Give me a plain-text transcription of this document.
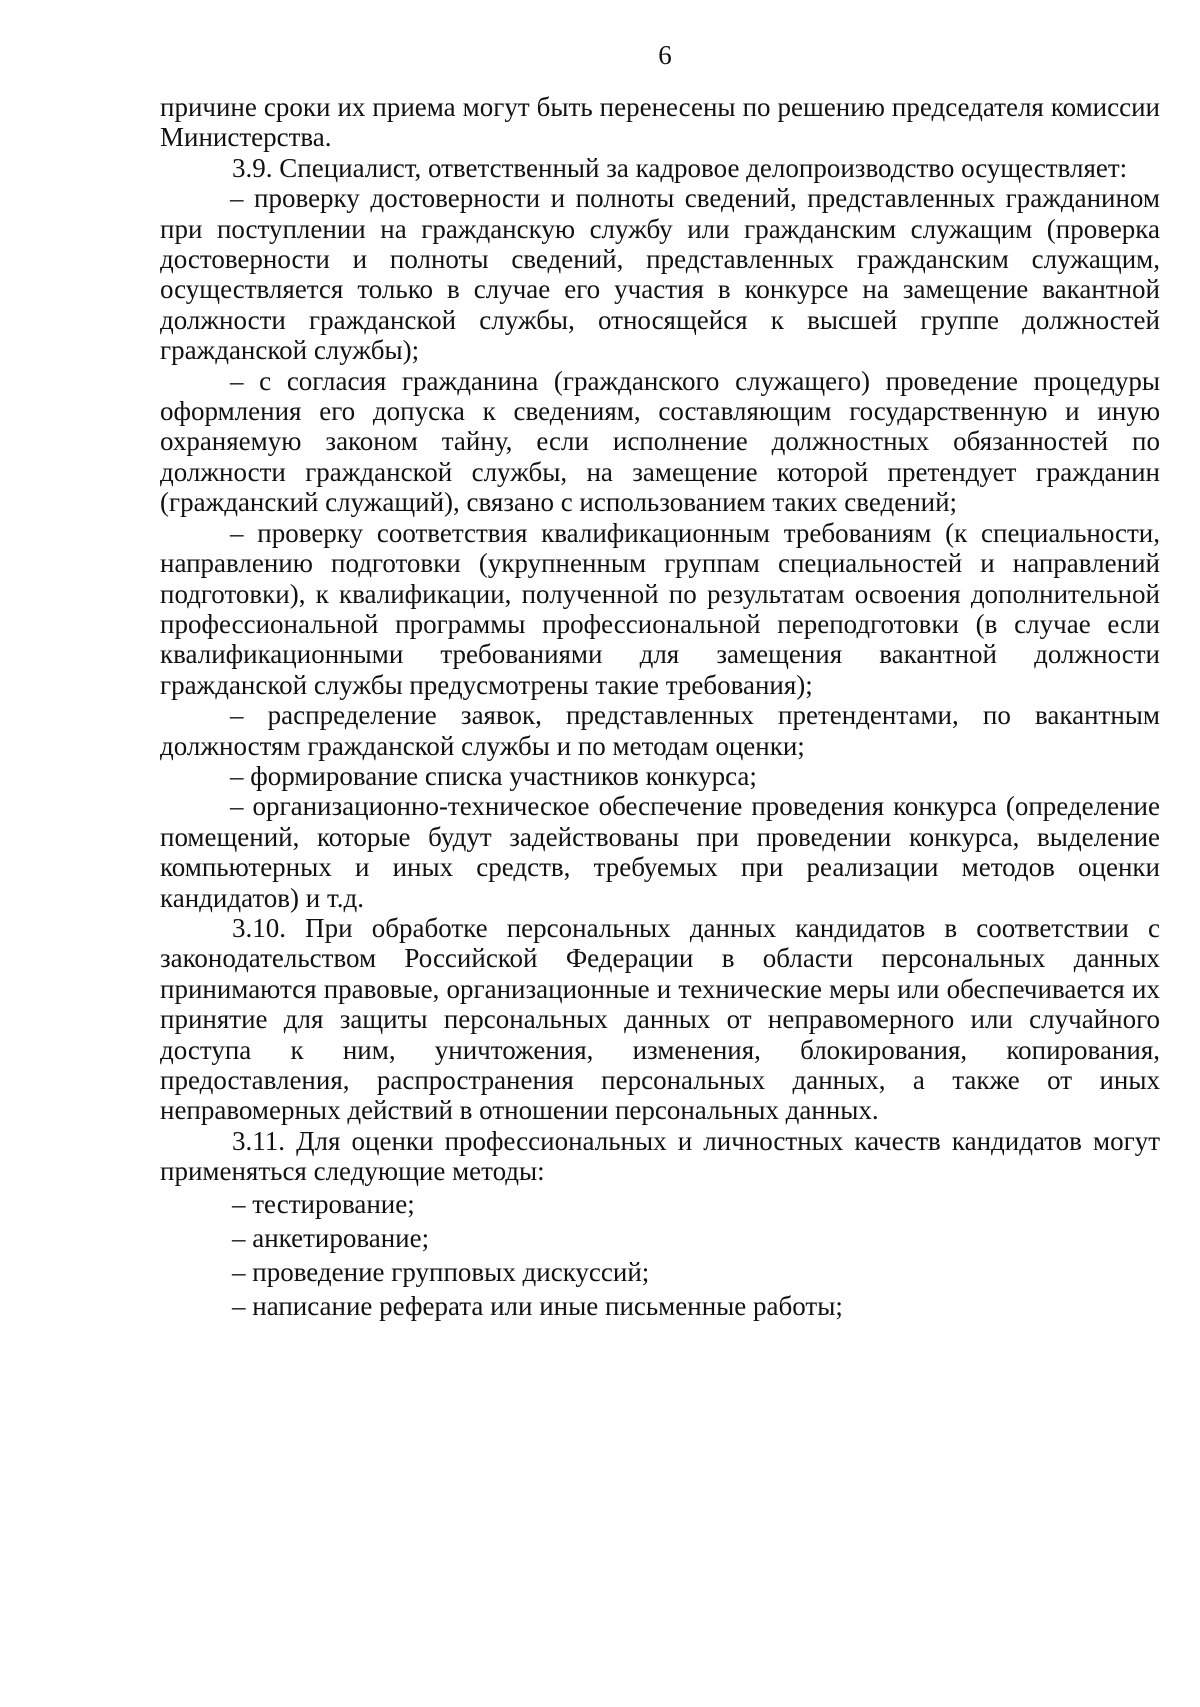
6

причине сроки их приема могут быть перенесены по решению председателя комиссии Министерства.

3.9. Специалист, ответственный за кадровое делопроизводство осуществляет:

– проверку достоверности и полноты сведений, представленных гражданином при поступлении на гражданскую службу или гражданским служащим (проверка достоверности и полноты сведений, представленных гражданским служащим, осуществляется только в случае его участия в конкурсе на замещение вакантной должности гражданской службы, относящейся к высшей группе должностей гражданской службы);

– с согласия гражданина (гражданского служащего) проведение процедуры оформления его допуска к сведениям, составляющим государственную и иную охраняемую законом тайну, если исполнение должностных обязанностей по должности гражданской службы, на замещение которой претендует гражданин (гражданский служащий), связано с использованием таких сведений;

– проверку соответствия квалификационным требованиям (к специальности, направлению подготовки (укрупненным группам специальностей и направлений подготовки), к квалификации, полученной по результатам освоения дополнительной профессиональной программы профессиональной переподготовки (в случае если квалификационными требованиями для замещения вакантной должности гражданской службы предусмотрены такие требования);

– распределение заявок, представленных претендентами, по вакантным должностям гражданской службы и по методам оценки;

– формирование списка участников конкурса;

– организационно-техническое обеспечение проведения конкурса (определение помещений, которые будут задействованы при проведении конкурса, выделение компьютерных и иных средств, требуемых при реализации методов оценки кандидатов) и т.д.

3.10. При обработке персональных данных кандидатов в соответствии с законодательством Российской Федерации в области персональных данных принимаются правовые, организационные и технические меры или обеспечивается их принятие для защиты персональных данных от неправомерного или случайного доступа к ним, уничтожения, изменения, блокирования, копирования, предоставления, распространения персональных данных, а также от иных неправомерных действий в отношении персональных данных.

3.11. Для оценки профессиональных и личностных качеств кандидатов могут применяться следующие методы:

– тестирование;

– анкетирование;

– проведение групповых дискуссий;

– написание реферата или иные письменные работы;
